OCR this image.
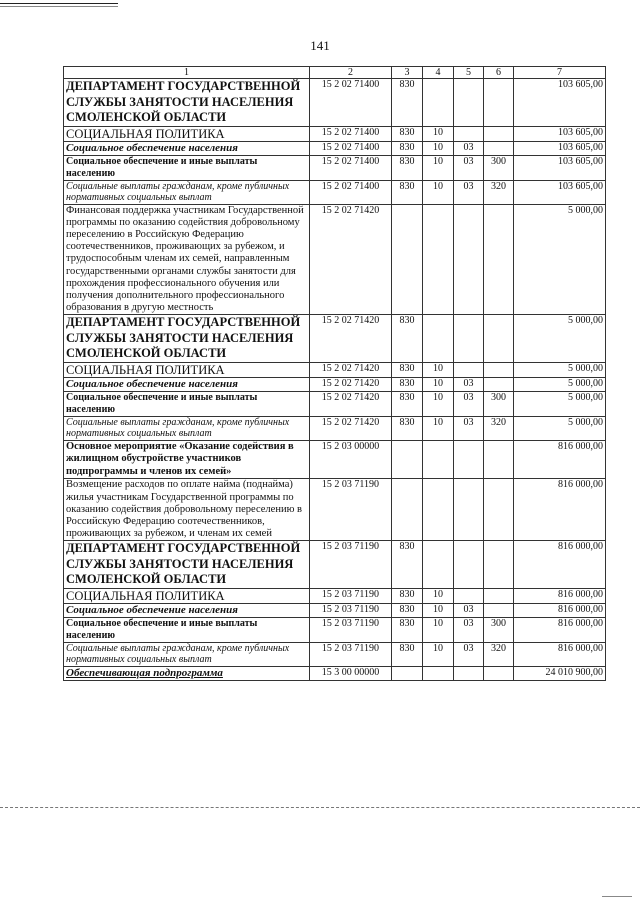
141
1	2	3	4	5	6	7
ДЕПАРТАМЕНТ ГОСУДАРСТВЕННОЙ СЛУЖБЫ ЗАНЯТОСТИ НАСЕЛЕНИЯ СМОЛЕНСКОЙ ОБЛАСТИ	15 2 02 71400	830				103 605,00
СОЦИАЛЬНАЯ ПОЛИТИКА	15 2 02 71400	830	10			103 605,00
Социальное обеспечение населения	15 2 02 71400	830	10	03		103 605,00
Социальное обеспечение и иные выплаты населению	15 2 02 71400	830	10	03	300	103 605,00
Социальные выплаты гражданам, кроме публичных нормативных социальных выплат	15 2 02 71400	830	10	03	320	103 605,00
Финансовая поддержка участникам Государственной программы по оказанию содействия добровольному переселению в Российскую Федерацию соотечественников, проживающих за рубежом, и трудоспособным членам их семей, направленным государственными органами службы занятости для прохождения профессионального обучения или получения дополнительного профессионального образования в другую местность	15 2 02 71420					5 000,00
ДЕПАРТАМЕНТ ГОСУДАРСТВЕННОЙ СЛУЖБЫ ЗАНЯТОСТИ НАСЕЛЕНИЯ СМОЛЕНСКОЙ ОБЛАСТИ	15 2 02 71420	830				5 000,00
СОЦИАЛЬНАЯ ПОЛИТИКА	15 2 02 71420	830	10			5 000,00
Социальное обеспечение населения	15 2 02 71420	830	10	03		5 000,00
Социальное обеспечение и иные выплаты населению	15 2 02 71420	830	10	03	300	5 000,00
Социальные выплаты гражданам, кроме публичных нормативных социальных выплат	15 2 02 71420	830	10	03	320	5 000,00
Основное мероприятие «Оказание содействия в жилищном обустройстве участников подпрограммы и членов их семей»	15 2 03 00000					816 000,00
Возмещение расходов по оплате найма (поднайма) жилья участникам Государственной программы по оказанию содействия добровольному переселению в Российскую Федерацию соотечественников, проживающих за рубежом, и членам их семей	15 2 03 71190					816 000,00
ДЕПАРТАМЕНТ ГОСУДАРСТВЕННОЙ СЛУЖБЫ ЗАНЯТОСТИ НАСЕЛЕНИЯ СМОЛЕНСКОЙ ОБЛАСТИ	15 2 03 71190	830				816 000,00
СОЦИАЛЬНАЯ ПОЛИТИКА	15 2 03 71190	830	10			816 000,00
Социальное обеспечение населения	15 2 03 71190	830	10	03		816 000,00
Социальное обеспечение и иные выплаты населению	15 2 03 71190	830	10	03	300	816 000,00
Социальные выплаты гражданам, кроме публичных нормативных социальных выплат	15 2 03 71190	830	10	03	320	816 000,00
Обеспечивающая подпрограмма	15 3 00 00000					24 010 900,00
